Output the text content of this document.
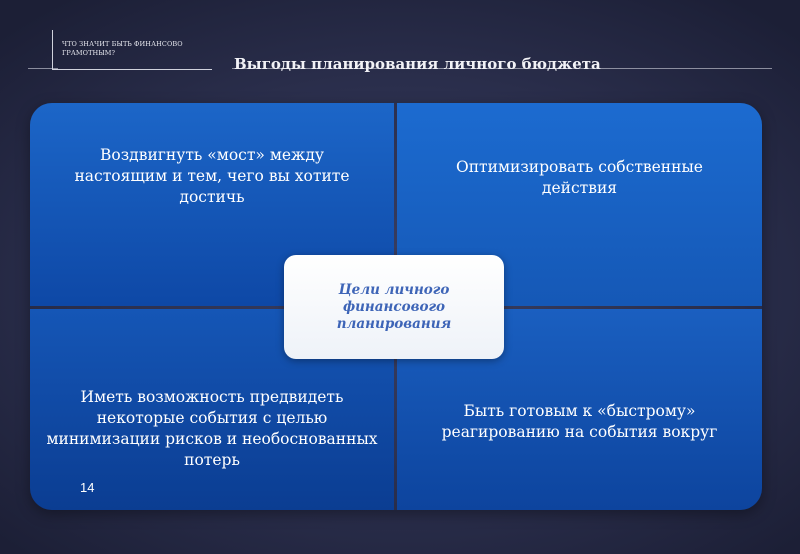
ЧТО ЗНАЧИТ БЫТЬ ФИНАНСОВО ГРАМОТНЫМ?
Выгоды планирования личного бюджета
Воздвигнуть «мост» между настоящим и тем, чего вы хотите достичь
Оптимизировать собственные действия
Иметь возможность предвидеть некоторые события с целью минимизации рисков и необоснованных потерь
Быть готовым к «быстрому» реагированию на события вокруг
Цели личного финансового планирования
14
